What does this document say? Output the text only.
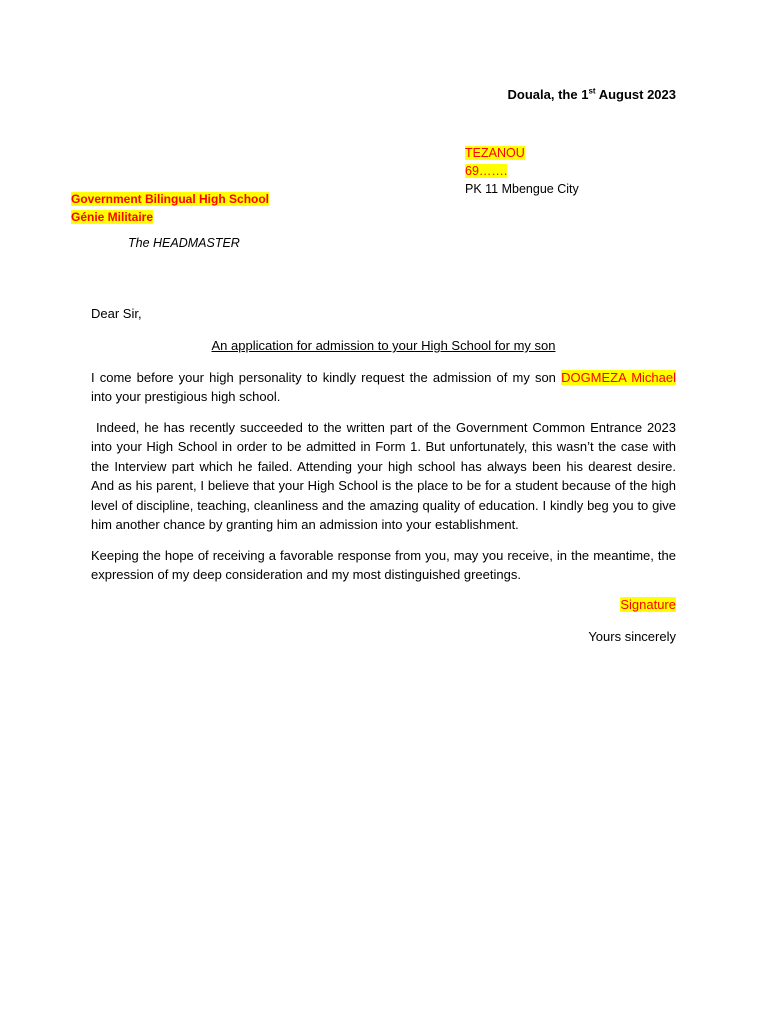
Douala, the 1st August 2023
TEZANOU
69…….
PK 11 Mbengue City
Government Bilingual High School Génie Militaire
The HEADMASTER
Dear Sir,
An application for admission to your High School for my son
I come before your high personality to kindly request the admission of my son DOGMEZA Michael into your prestigious high school.
Indeed, he has recently succeeded to the written part of the Government Common Entrance 2023 into your High School in order to be admitted in Form 1. But unfortunately, this wasn’t the case with the Interview part which he failed. Attending your high school has always been his dearest desire. And as his parent, I believe that your High School is the place to be for a student because of the high level of discipline, teaching, cleanliness and the amazing quality of education. I kindly beg you to give him another chance by granting him an admission into your establishment.
Keeping the hope of receiving a favorable response from you, may you receive, in the meantime, the expression of my deep consideration and my most distinguished greetings.
Signature
Yours sincerely
